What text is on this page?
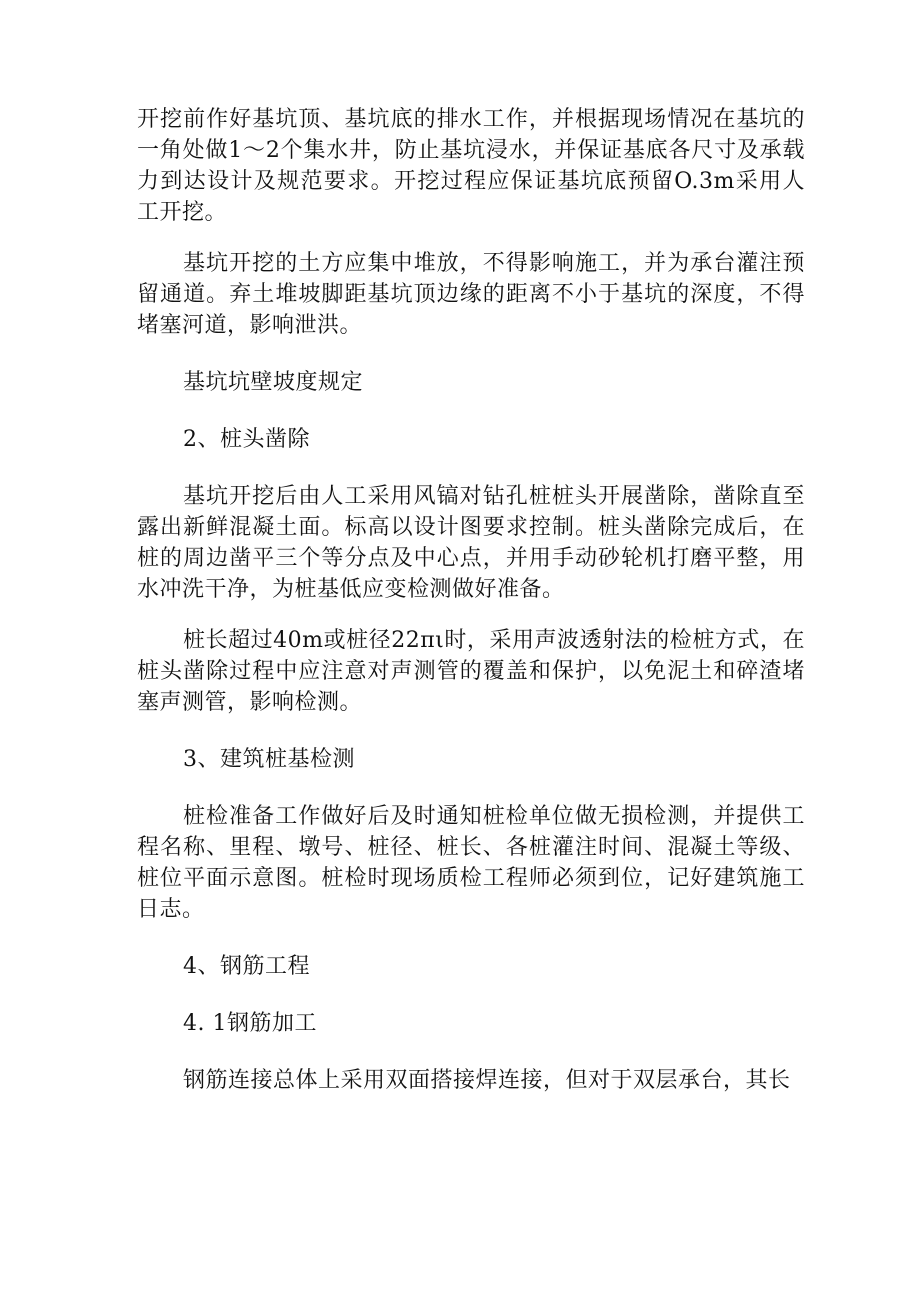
开挖前作好基坑顶、基坑底的排水工作，并根据现场情况在基坑的一角处做1～2个集水井，防止基坑浸水，并保证基底各尺寸及承载力到达设计及规范要求。开挖过程应保证基坑底预留O.3m采用人工开挖。

基坑开挖的土方应集中堆放，不得影响施工，并为承台灌注预留通道。弃土堆坡脚距基坑顶边缘的距离不小于基坑的深度，不得堵塞河道，影响泄洪。

基坑坑壁坡度规定

2、桩头凿除

基坑开挖后由人工采用风镐对钻孔桩桩头开展凿除，凿除直至露出新鲜混凝土面。标高以设计图要求控制。桩头凿除完成后，在桩的周边凿平三个等分点及中心点，并用手动砂轮机打磨平整，用水冲洗干净，为桩基低应变检测做好准备。

桩长超过40m或桩径22πι时，采用声波透射法的检桩方式，在桩头凿除过程中应注意对声测管的覆盖和保护，以免泥土和碎渣堵塞声测管，影响检测。

3、建筑桩基检测

桩检准备工作做好后及时通知桩检单位做无损检测，并提供工程名称、里程、墩号、桩径、桩长、各桩灌注时间、混凝土等级、桩位平面示意图。桩检时现场质检工程师必须到位，记好建筑施工日志。

4、钢筋工程

4. 1钢筋加工

钢筋连接总体上采用双面搭接焊连接，但对于双层承台，其长
